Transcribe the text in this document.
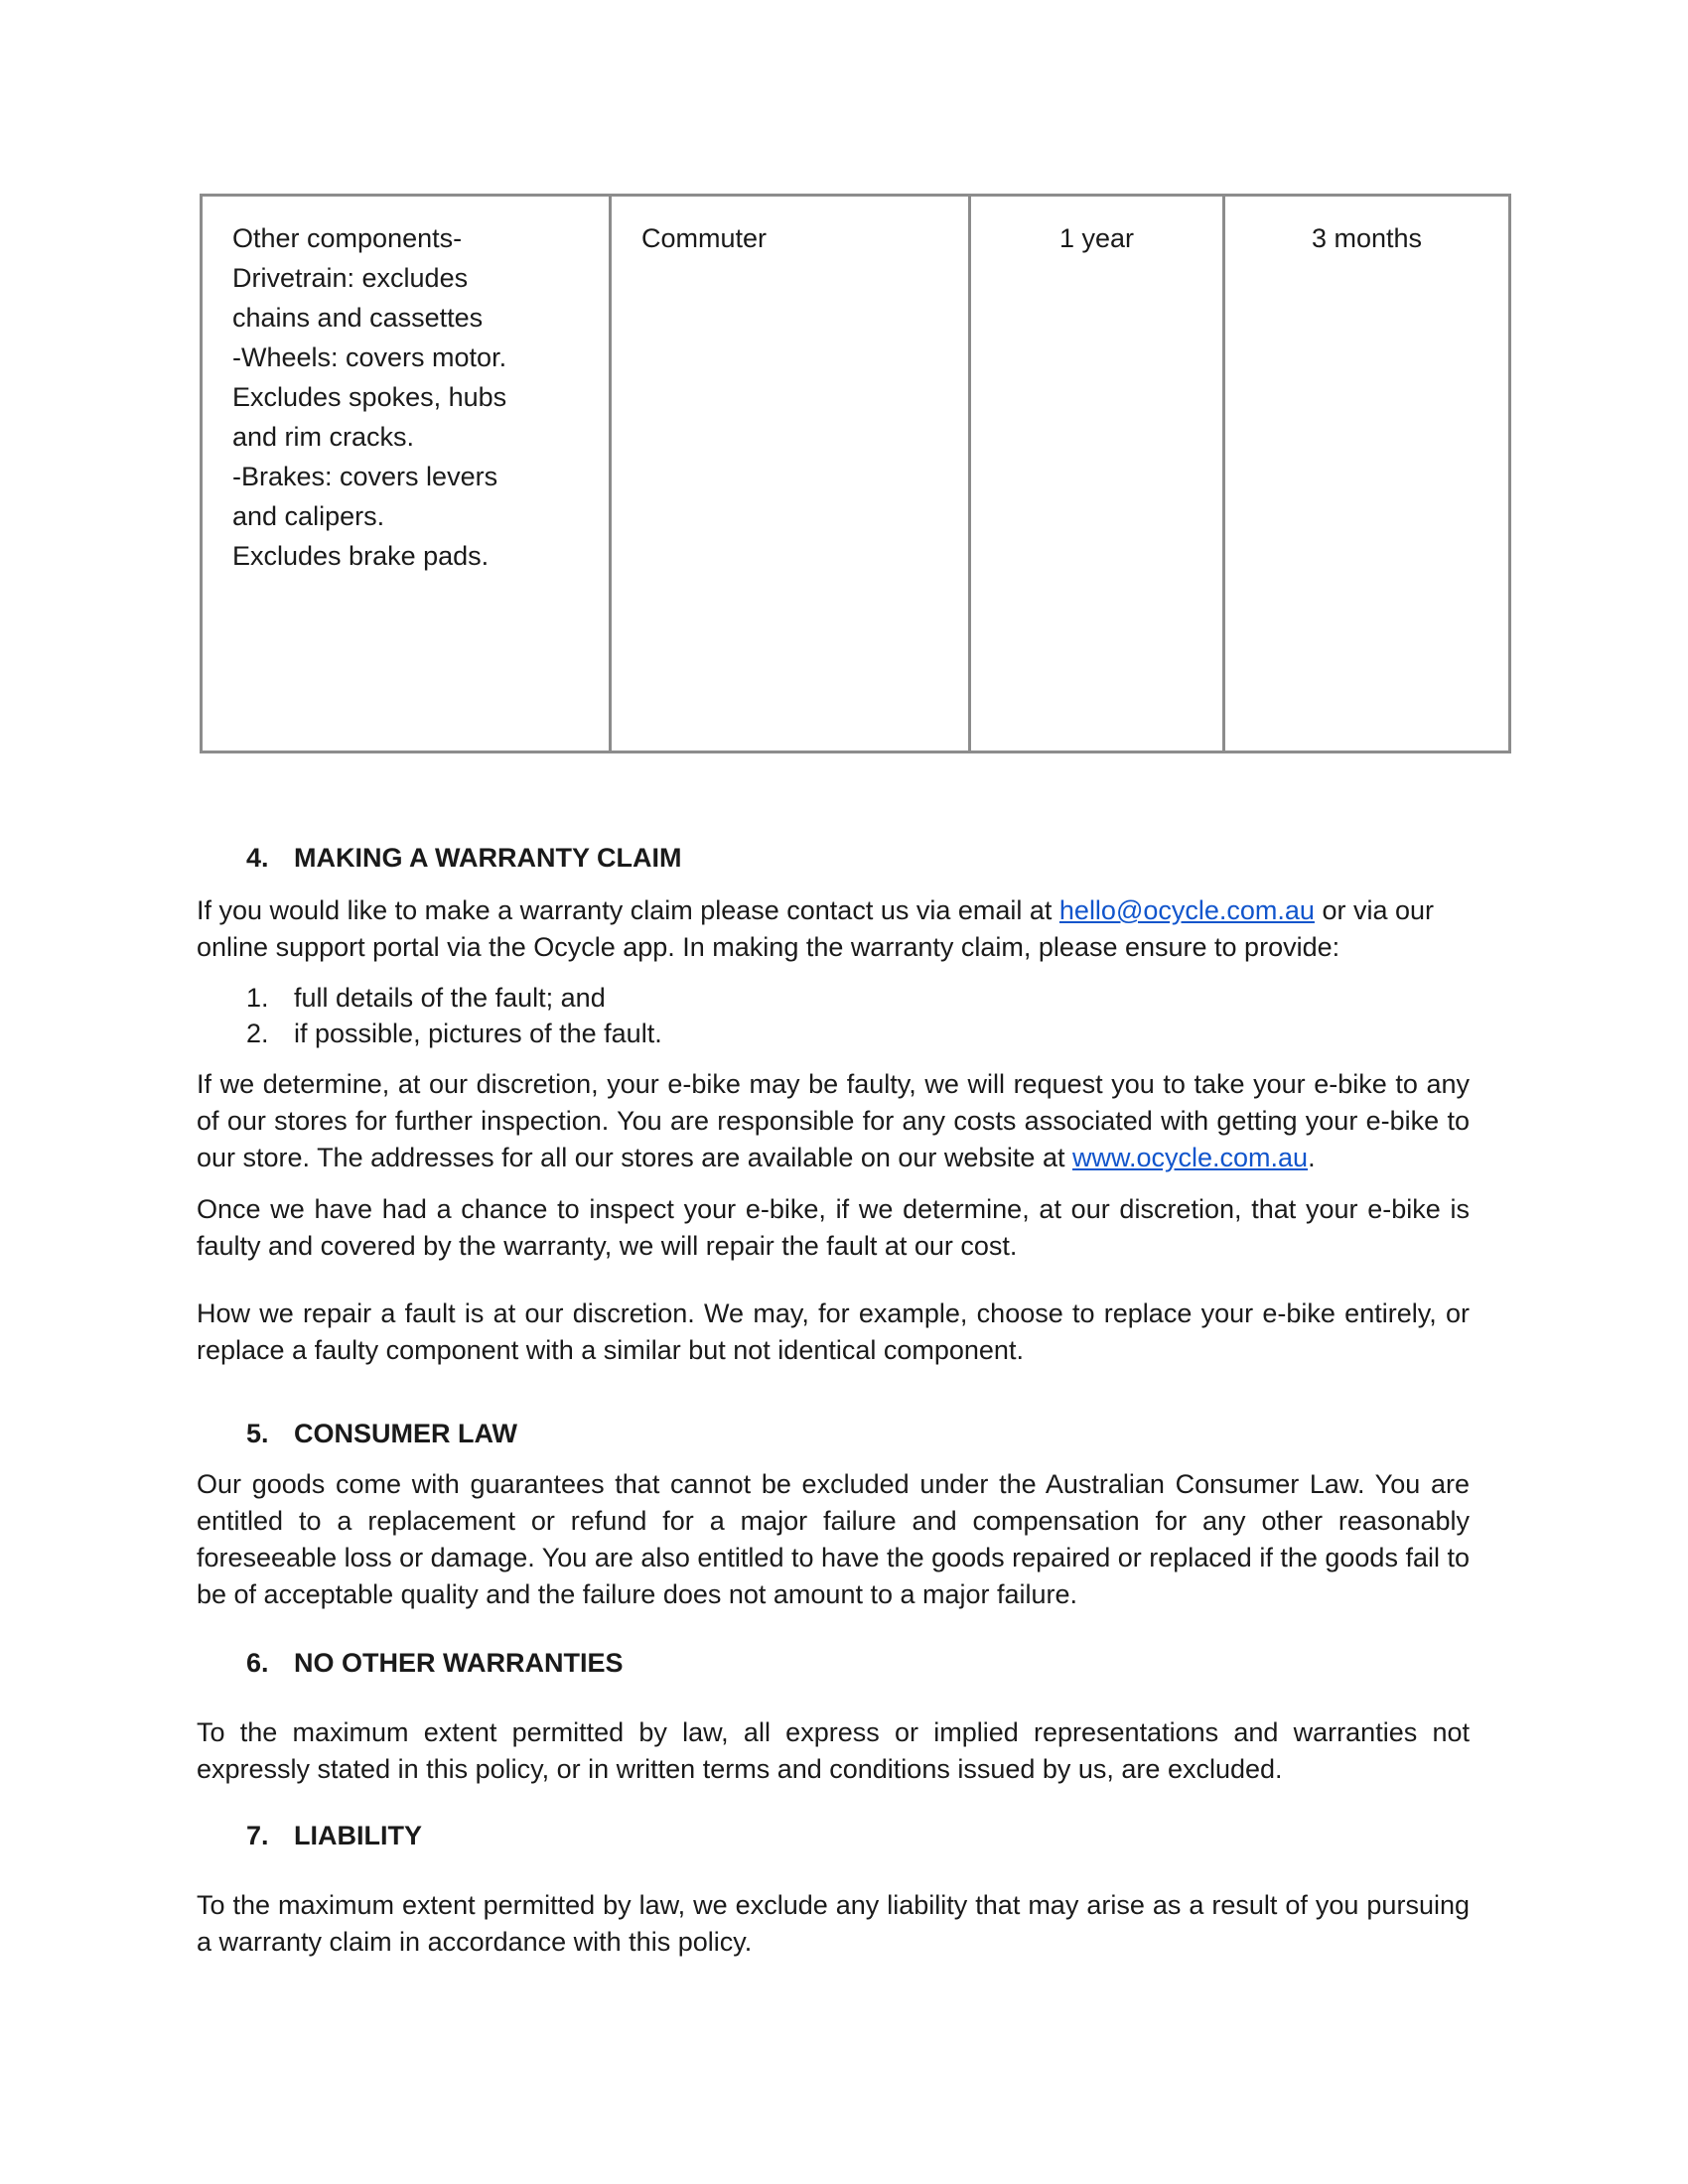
Other components-
Drivetrain: excludes
chains and cassettes
-Wheels: covers motor.
Excludes spokes, hubs
and rim cracks.
-Brakes: covers levers
and calipers.
Excludes brake pads.	Commuter	1 year	3 months
4. MAKING A WARRANTY CLAIM
If you would like to make a warranty claim please contact us via email at hello@ocycle.com.au or via our online support portal via the Ocycle app. In making the warranty claim, please ensure to provide:
1. full details of the fault; and
2. if possible, pictures of the fault.
If we determine, at our discretion, your e-bike may be faulty, we will request you to take your e-bike to any of our stores for further inspection. You are responsible for any costs associated with getting your e-bike to our store. The addresses for all our stores are available on our website at www.ocycle.com.au.
Once we have had a chance to inspect your e-bike, if we determine, at our discretion, that your e-bike is faulty and covered by the warranty, we will repair the fault at our cost.
How we repair a fault is at our discretion. We may, for example, choose to replace your e-bike entirely, or replace a faulty component with a similar but not identical component.
5. CONSUMER LAW
Our goods come with guarantees that cannot be excluded under the Australian Consumer Law. You are entitled to a replacement or refund for a major failure and compensation for any other reasonably foreseeable loss or damage. You are also entitled to have the goods repaired or replaced if the goods fail to be of acceptable quality and the failure does not amount to a major failure.
6. NO OTHER WARRANTIES
To the maximum extent permitted by law, all express or implied representations and warranties not expressly stated in this policy, or in written terms and conditions issued by us, are excluded.
7. LIABILITY
To the maximum extent permitted by law, we exclude any liability that may arise as a result of you pursuing a warranty claim in accordance with this policy.
